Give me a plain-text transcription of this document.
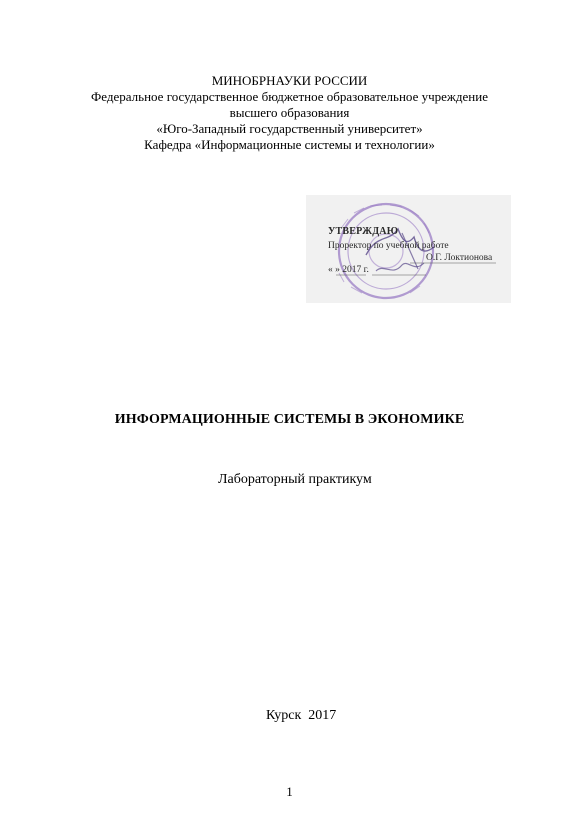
МИНОБРНАУКИ РОССИИ
Федеральное государственное бюджетное образовательное учреждение
высшего образования
«Юго-Западный государственный университет»
Кафедра «Информационные системы и технологии»
УТВЕРЖДАЮ
Проректор по учебной работе
О.Г. Локтионова
« » 2017 г.
ИНФОРМАЦИОННЫЕ СИСТЕМЫ В ЭКОНОМИКЕ
Лабораторный практикум
Курск  2017
1
